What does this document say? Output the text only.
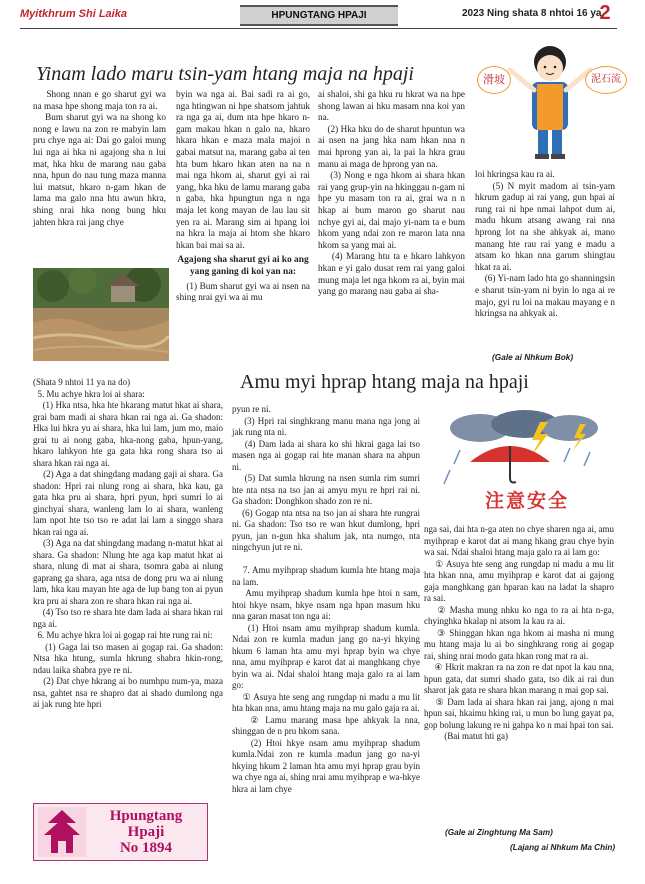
Myitkhrum Shi Laika	HPUNGTANG HPAJI	2023 Ning shata 8 nhtoi 16 ya
2
Yinam lado maru tsin-yam htang maja na hpaji	滑坡	泥石流

Shong nnan e go sharut gyi wa na masa hpe shong maja ton ra ai.
Bum sharut gyi wa na shong ko nong e lawu na zon re mabyin lam pru chye nga ai: Dai go galoi mung lui nga ai hka ni agajong sha n lui mat, hka hku de marang nau gaba nna, hpun do nau tung maza manna lui matsut, hkaro n-gam hkan de lama ma galo nna htu awun hkra, shing nrai hka nong bung hku jahten hkra rai jang chye

byin wa nga ai. Bai sadi ra ai go, nga htingwan ni hpe shatsom jahtuk ra nga ga ai, dum nta hpe hkaro n-gam makau hkan n galo na, hkaro hkara hkan e maza mala majoi n gabai matsut na, marang gaba ai ten hta bum hkaro hkan aten na na n mai nga hkom ai, sharut gyi ai rai yang, hka hku de lamu marang gaba n gaba, hka hpungtun nga n nga maja let kong mayan de lau lau sit yen ra ai. Marang sim ai hpang loi na hkra la maja ai htom she hkaro hkan bai mai sa ai.

Agajong sha sharut gyi ai ko ang yang ganing di koi yan na:

(1) Bum sharut gyi wa ai nsen na shing nrai gyi wa ai mu

ai shaloi, shi ga hku ru hkrat wa na hpe shong lawan ai hku masam nna koi yan na.
(2) Hka hku do de sharut hpuntun wa ai nsen na jang hka nam hkan nna n mai hprong yan ai, la pai la hkra grau manu ai maga de hprong yan na.
(3) Nong e nga hkom ai shara hkan rai yang grup-yin na hkinggau n-gam ni hpe yu masam ton ra ai, grai wa n n hkap ai bum maron go sharut nau nchye gyi ai, dai majo yi-nam ta e bum hkom yang ndai zon re maron lata nna hkom sa yang mai ai.
(4) Marang htu ta e hkaro lahkyon hkan e yi galo dusat rem rai yang galoi mung maja let nga hkom ra ai, byin mai yang go marang nau gaba ai sha-

loi hkringsa kau ra ai.
(5) N myit madom ai tsin-yam hkrum gadup ai rai yang, gun hpai ai rung rai ni hpe nmai lahpot dum ai, madu hkum atsang awang rai nna hprong lot na she ahkyak ai, mano manang hte rau rai yang e madu a atsam ko hkan nna garum shingtau hkat ra ai.
(6) Yi-nam lado hta go shanningsin e sharut tsin-yam ni byin lo nga ai re majo, gyi ru loi na makau mayang e n hkringsa na ahkyak ai.

(Gale ai Nhkum Bok)

(Shata 9 nhtoi 11 ya na do)
5. Mu achye hkra loi ai shara:
(1) Hka ntsa, hka hte hkarang matut hkat ai shara, grai bam madi ai shara hkan rai nga ai. Ga shadon: Hka lui hkra yu ai shara, hka lui lam, jum mo, maio grai tu ai nong gaba, hka-nong gaba, hpun-yang, hkaro lahkyon hte ga gata hka rong shara tso ai shara hkan rai nga ai.
(2) Aga a dat shingdang madang gaji ai shara. Ga shadon: Hpri rai nlung rong ai shara, hka kau, ga gata hka pru ai shara, hpri pyun, hpri sumri lo ai ginchyai shara, wanleng lam lo ai shara, wanleng lam npot hte tso tso re adat lai lam a singgo shara hkan rai nga ai.
(3) Aga na dat shingdang madang n-matut hkat ai shara. Ga shadon: Nlung hte aga kap matut hkat ai shara, nlung di mat ai shara, tsomra gaba ai nlung gaprang ga shara, aga ntsa de dong pru wa ai nlung lam, hka kau mayan hte aga de lup bang ton ai pyun kra pru ai shara zon re shara hkan rai nga ai.
(4) Tso tso re shara hte dam lada ai shara hkan rai nga ai.
6. Mu achye hkra loi ai gogap rai hte rung rai ni:
(1) Gaga lai tso masen ai gogap rai. Ga shadon: Ntsa hka htung, sumla hkrung shabra hkin-rong, ndau laika shabra pye re ni.
(2) Dat chye hkrang ai bo numhpu num-ya, maza nsa, gahtet nsa re shapro dat ai shado dumlong nga ai jak rung hte hpri

Hpungtang
Hpaji
No 1894
Amu myi hprap htang maja na hpaji

pyun re ni.
(3) Hpri rai singhkrang manu mana nga jong ai jak rung nta ni.
(4) Dam lada ai shara ko shi hkrai gaga lai tso masen nga ai gogap rai hte manan shara na ahpun ni.
(5) Dat sumla hkrung na nsen sumla rim sumri hte nta ntsa na tso jan ai amyu myu re hpri rai ni. Ga shadon: Donghkon shado zon re ni.
(6) Gogap nta ntsa na tso jan ai shara hte rungrai ni. Ga shadon: Tso tso re wan hkut dumlong, hpri pyun, jan n-gun hka shalum jak, nta numgo, nta ningchyun jut re ni.

7. Amu myihprap shadum kumla hte htang maja na lam.
Amu myihprap shadum kumla hpe htoi n sam, htoi hkye nsam, hkye nsam nga hpan masum hku nna garan masat ton nga ai:
(1) Htoi nsam amu myihprap shadum kumla. Ndai zon re kumla madun jang go na-yi hkying hkum 6 laman hta amu myi hprap byin wa chye nna, amu myihprap e karot dat ai manghkang chye byin wa ai. Ndai shaloi htang maja galo ra ai lam go:
① Asuya hte seng ang rungdap ni madu a mu lit hta hkan nna, amu htang maja na mu galo gaja ra ai.
② Lamu marang masa hpe ahkyak la nna, shinggan de n pru hkom sana.
(2) Htoi hkye nsam amu myihprap shadum kumla.Ndai zon re kumla madun jang go na-yi hkying hkum 2 laman hta amu myi hprap grau byin wa chye nga ai, shing nrai amu myihprap e wa-hkye hkra ai lam chye

注意安全

nga sai, dai hta n-ga aten no chye sharen nga ai, amu myihprap e karot dat ai mang hkang grau chye byin wa sai. Ndai shaloi htang maja galo ra ai lam go:
① Asuya hte seng ang rungdap ni madu a mu lit hta hkan nna, amu myihprap e karot dat ai gajong gaja manghkang gan hparan kau na ladat la shapro ra sai.
② Masha mung nhku ko nga to ra ai hta n-ga, chyinghka hkalap ni atsom la kau ra ai.
③ Shinggan hkan nga hkom ai masha ni mung mu htang maja lu ai bo singhkrang rong ai gogap rai, shing nrai modo gata hkan rong mat ra ai.
④ Hkrit makran ra na zon re dat npot la kau nna, hpun gata, dat sumri shado gata, tso dik ai rai dun sharot jak gata re shara hkan marang n mai gop sai.
⑤ Dam lada ai shara hkan rai jang, ajong n mai hpun sai, hkaimu hking rai, u mun bo lung gayat pa, gop bolung lakung re ni gahpa ko n mai hpai ton sai.
(Bai matut hti ga)

(Gale ai Zinghtung Ma Sam)
(Lajang ai Nhkum Ma Chin)
